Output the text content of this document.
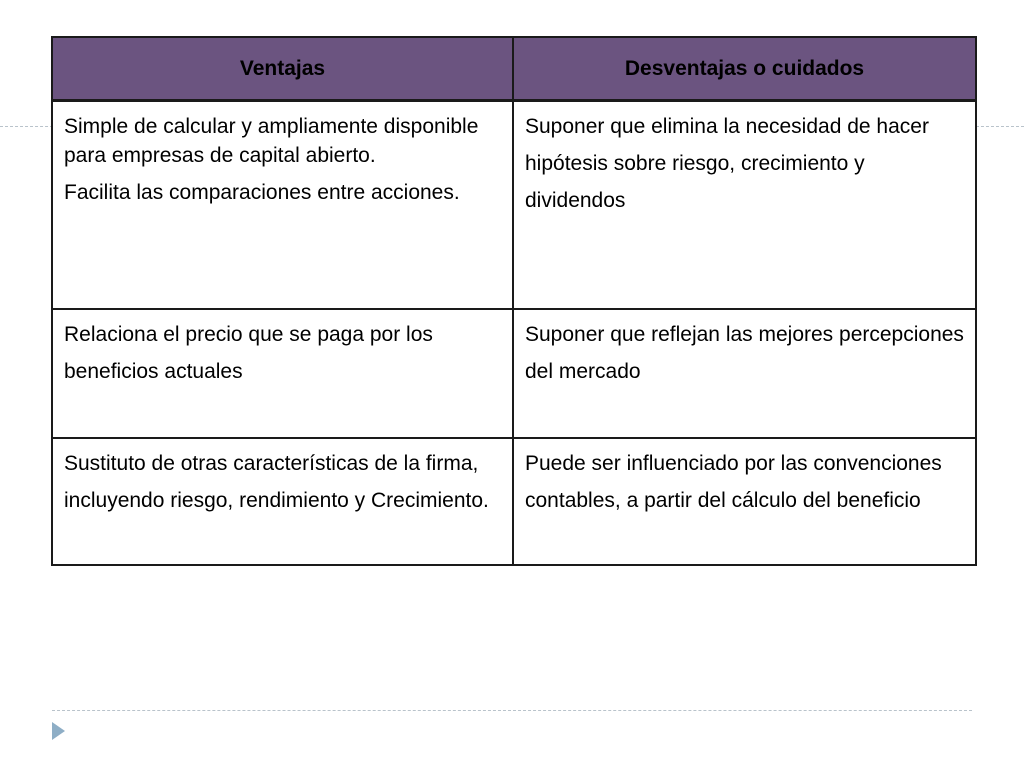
Ventajas	Desventajas o cuidados

Simple de calcular y ampliamente disponible para empresas de capital abierto.

Facilita las comparaciones entre acciones.	Suponer que elimina la necesidad de hacer hipótesis sobre riesgo, crecimiento y dividendos

Relaciona el precio que se paga por los beneficios actuales	Suponer que reflejan las mejores percepciones del mercado

Sustituto de otras características de la firma, incluyendo riesgo, rendimiento y Crecimiento.	Puede ser influenciado por las convenciones contables, a partir del cálculo del beneficio
